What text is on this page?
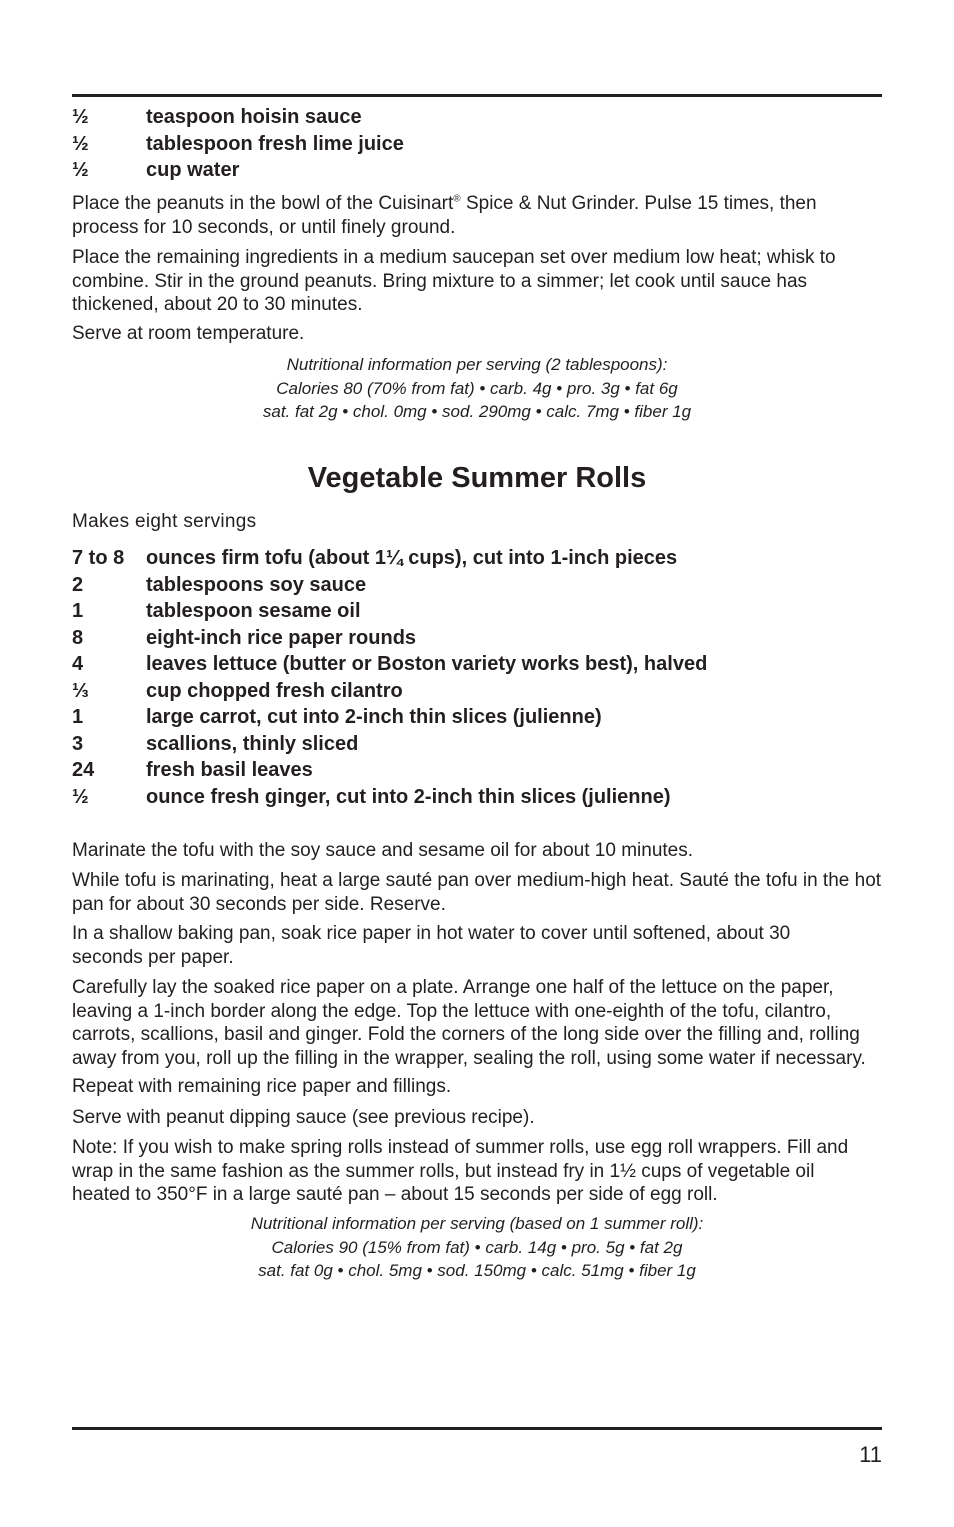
½	teaspoon hoisin sauce
½	tablespoon fresh lime juice
½	cup water

Place the peanuts in the bowl of the Cuisinart® Spice & Nut Grinder. Pulse 15 times, then process for 10 seconds, or until finely ground.

Place the remaining ingredients in a medium saucepan set over medium low heat; whisk to combine. Stir in the ground peanuts. Bring mixture to a simmer; let cook until sauce has thickened, about 20 to 30 minutes.

Serve at room temperature.

Nutritional information per serving (2 tablespoons):
Calories 80 (70% from fat) • carb. 4g • pro. 3g • fat 6g
sat. fat 2g • chol. 0mg • sod. 290mg • calc. 7mg • fiber 1g
Vegetable Summer Rolls
Makes eight servings
7 to 8	ounces firm tofu (about 1¼ cups), cut into 1-inch pieces
2	tablespoons soy sauce
1	tablespoon sesame oil
8	eight-inch rice paper rounds
4	leaves lettuce (butter or Boston variety works best), halved
⅓	cup chopped fresh cilantro
1	large carrot, cut into 2-inch thin slices (julienne)
3	scallions, thinly sliced
24	fresh basil leaves
½	ounce fresh ginger, cut into 2-inch thin slices (julienne)

Marinate the tofu with the soy sauce and sesame oil for about 10 minutes.

While tofu is marinating, heat a large sauté pan over medium-high heat. Sauté the tofu in the hot pan for about 30 seconds per side. Reserve.

In a shallow baking pan, soak rice paper in hot water to cover until softened, about 30 seconds per paper.

Carefully lay the soaked rice paper on a plate. Arrange one half of the lettuce on the paper, leaving a 1-inch border along the edge. Top the lettuce with one-eighth of the tofu, cilantro, carrots, scallions, basil and ginger. Fold the corners of the long side over the filling and, rolling away from you, roll up the filling in the wrapper, sealing the roll, using some water if necessary.

Repeat with remaining rice paper and fillings.

Serve with peanut dipping sauce (see previous recipe).

Note: If you wish to make spring rolls instead of summer rolls, use egg roll wrappers. Fill and wrap in the same fashion as the summer rolls, but instead fry in 1½ cups of vegetable oil heated to 350°F in a large sauté pan – about 15 seconds per side of egg roll.

Nutritional information per serving (based on 1 summer roll):
Calories 90 (15% from fat) • carb. 14g • pro. 5g • fat 2g
sat. fat 0g • chol. 5mg • sod. 150mg • calc. 51mg • fiber 1g
11
